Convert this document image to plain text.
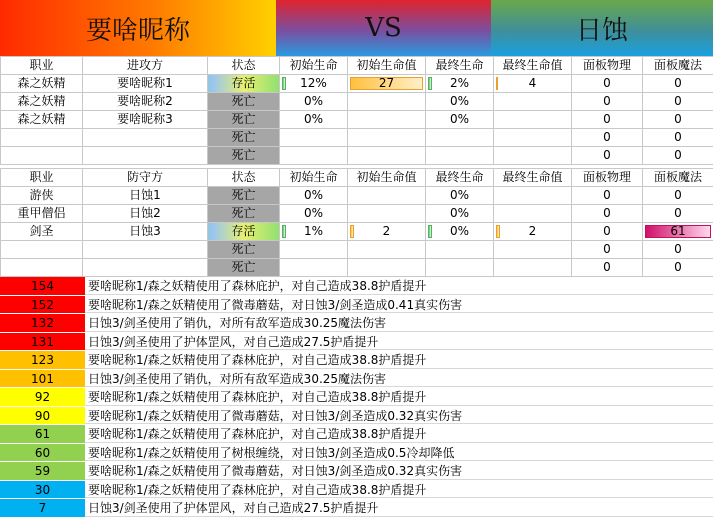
要啥昵称	VS	日蚀
职业	进攻方	状态	初始生命	初始生命值	最终生命	最终生命值	面板物理	面板魔法
森之妖精	要啥昵称1	存活	12%	27	2%	4	0	0

森之妖精	要啥昵称2	死亡	0%		0%		0	0

森之妖精	要啥昵称3	死亡	0%		0%		0	0

		死亡					0	0

		死亡					0	0
职业	防守方	状态	初始生命	初始生命值	最终生命	最终生命值	面板物理	面板魔法
游侠	日蚀1	死亡	0%		0%		0	0

重甲僧侣	日蚀2	死亡	0%		0%		0	0

剑圣	日蚀3	存活	1%	2	0%	2	0	61

		死亡					0	0

		死亡					0	0
154	要啥昵称1/森之妖精使用了森林庇护，对自己造成38.8护盾提升
152	要啥昵称1/森之妖精使用了微毒蘑菇，对日蚀3/剑圣造成0.41真实伤害
132	日蚀3/剑圣使用了销仇，对所有敌军造成30.25魔法伤害
131	日蚀3/剑圣使用了护体罡风，对自己造成27.5护盾提升
123	要啥昵称1/森之妖精使用了森林庇护，对自己造成38.8护盾提升
101	日蚀3/剑圣使用了销仇，对所有敌军造成30.25魔法伤害
92	要啥昵称1/森之妖精使用了森林庇护，对自己造成38.8护盾提升
90	要啥昵称1/森之妖精使用了微毒蘑菇，对日蚀3/剑圣造成0.32真实伤害
61	要啥昵称1/森之妖精使用了森林庇护，对自己造成38.8护盾提升
60	要啥昵称1/森之妖精使用了树根缠绕，对日蚀3/剑圣造成0.5冷却降低
59	要啥昵称1/森之妖精使用了微毒蘑菇，对日蚀3/剑圣造成0.32真实伤害
30	要啥昵称1/森之妖精使用了森林庇护，对自己造成38.8护盾提升
7	日蚀3/剑圣使用了护体罡风，对自己造成27.5护盾提升
